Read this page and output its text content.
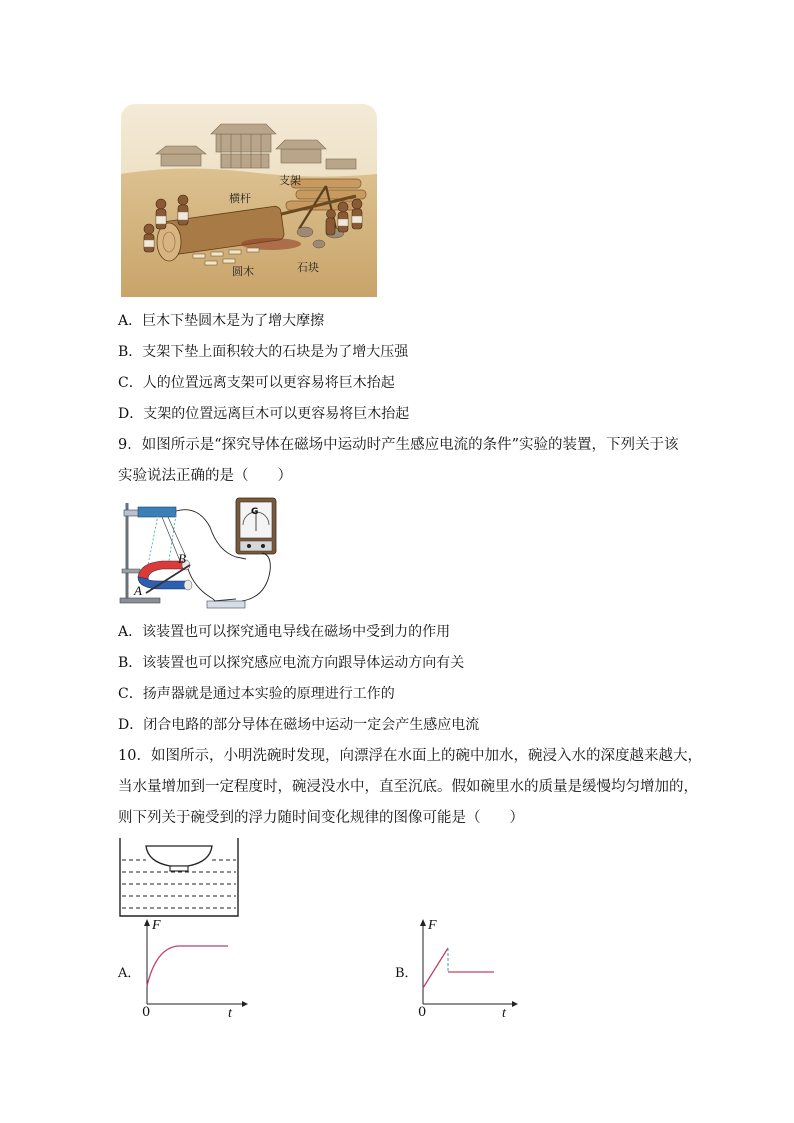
支架
横杆
圆木	石块
A．巨木下垫圆木是为了增大摩擦
B．支架下垫上面积较大的石块是为了增大压强
C．人的位置远离支架可以更容易将巨木抬起
D．支架的位置远离巨木可以更容易将巨木抬起
9．如图所示是“探究导体在磁场中运动时产生感应电流的条件”实验的装置，下列关于该
实验说法正确的是（　　）
A
B
G
A．该装置也可以探究通电导线在磁场中受到力的作用
B．该装置也可以探究感应电流方向跟导体运动方向有关
C．扬声器就是通过本实验的原理进行工作的
D．闭合电路的部分导体在磁场中运动一定会产生感应电流
10．如图所示，小明洗碗时发现，向漂浮在水面上的碗中加水，碗浸入水的深度越来越大，
当水量增加到一定程度时，碗浸没水中，直至沉底。假如碗里水的质量是缓慢均匀增加的，
则下列关于碗受到的浮力随时间变化规律的图像可能是（　　）
A．
F
t
0
B．
F
t
0
